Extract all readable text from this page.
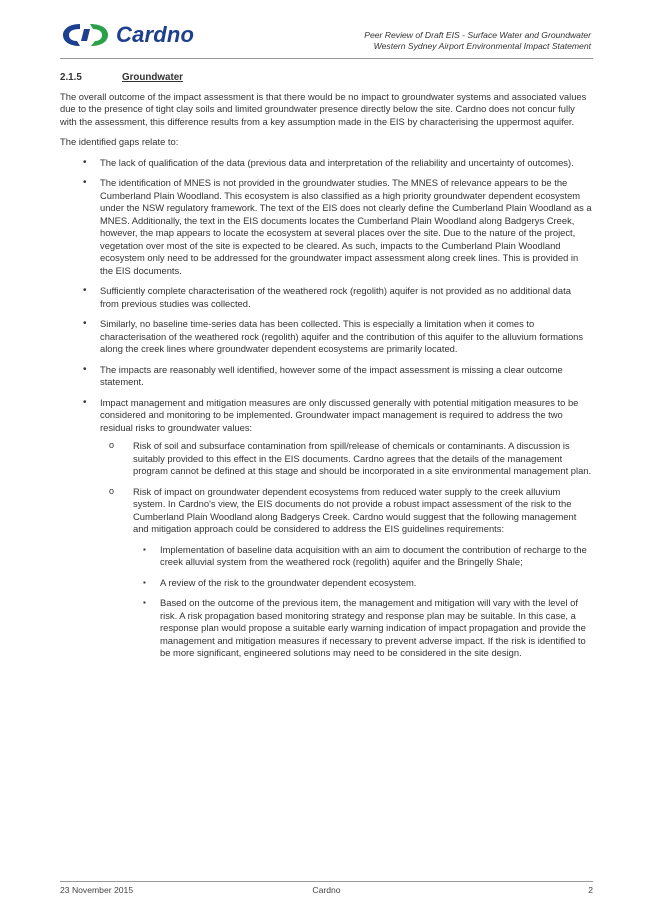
Cardno	Peer Review of Draft EIS - Surface Water and Groundwater
Western Sydney Airport Environmental Impact Statement
2.1.5	Groundwater

The overall outcome of the impact assessment is that there would be no impact to groundwater systems and associated values due to the presence of tight clay soils and limited groundwater presence directly below the site. Cardno does not concur fully with the assessment, this difference results from a key assumption made in the EIS by characterising the uppermost aquifer.

The identified gaps relate to:

• The lack of qualification of the data (previous data and interpretation of the reliability and uncertainty of outcomes).
• The identification of MNES is not provided in the groundwater studies. The MNES of relevance appears to be the Cumberland Plain Woodland. This ecosystem is also classified as a high priority groundwater dependent ecosystem under the NSW regulatory framework. The text of the EIS does not clearly define the Cumberland Plain Woodland as a MNES. Additionally, the text in the EIS documents locates the Cumberland Plain Woodland along Badgerys Creek, however, the map appears to locate the ecosystem at several places over the site. Due to the nature of the project, vegetation over most of the site is expected to be cleared. As such, impacts to the Cumberland Plain Woodland ecosystem only need to be addressed for the groundwater impact assessment along creek lines. This is provided in the EIS documents.
• Sufficiently complete characterisation of the weathered rock (regolith) aquifer is not provided as no additional data from previous studies was collected.
• Similarly, no baseline time-series data has been collected. This is especially a limitation when it comes to characterisation of the weathered rock (regolith) aquifer and the contribution of this aquifer to the alluvium formations along the creek lines where groundwater dependent ecosystems are primarily located.
• The impacts are reasonably well identified, however some of the impact assessment is missing a clear outcome statement.
• Impact management and mitigation measures are only discussed generally with potential mitigation measures to be considered and monitoring to be implemented. Groundwater impact management is required to address the two residual risks to groundwater values:
o Risk of soil and subsurface contamination from spill/release of chemicals or contaminants. A discussion is suitably provided to this effect in the EIS documents. Cardno agrees that the details of the management program cannot be defined at this stage and should be incorporated in a site environmental management plan.
o Risk of impact on groundwater dependent ecosystems from reduced water supply to the creek alluvium system. In Cardno's view, the EIS documents do not provide a robust impact assessment of the risk to the Cumberland Plain Woodland along Badgerys Creek. Cardno would suggest that the following management and mitigation approach could be considered to address the EIS guidelines requirements:
▪ Implementation of baseline data acquisition with an aim to document the contribution of recharge to the creek alluvial system from the weathered rock (regolith) aquifer and the Bringelly Shale;
▪ A review of the risk to the groundwater dependent ecosystem.
▪ Based on the outcome of the previous item, the management and mitigation will vary with the level of risk. A risk propagation based monitoring strategy and response plan may be suitable. In this case, a response plan would propose a suitable early warning indication of impact propagation and provide the management and mitigation measures if necessary to prevent adverse impact. If the risk is identified to be more significant, engineered solutions may need to be considered in the site design.
23 November 2015	Cardno	2
